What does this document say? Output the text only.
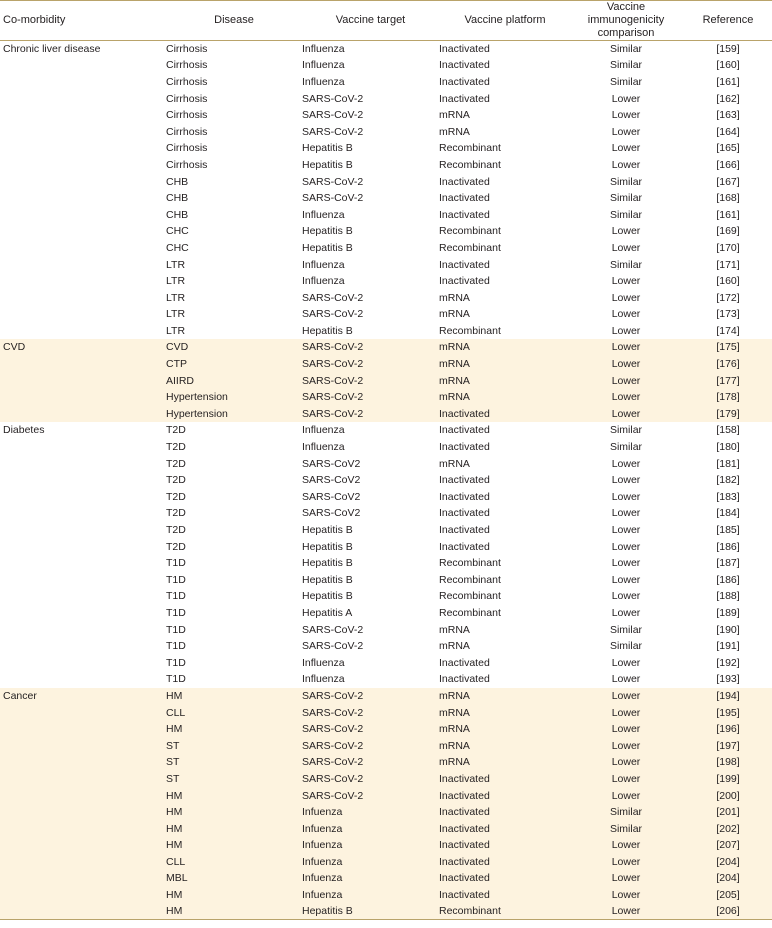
Co-morbidity	Disease	Vaccine target	Vaccine platform	Vaccine immunogenicity comparison	Reference
Chronic liver disease	Cirrhosis	Influenza	Inactivated	Similar	[159]
	Cirrhosis	Influenza	Inactivated	Similar	[160]
	Cirrhosis	Influenza	Inactivated	Similar	[161]
	Cirrhosis	SARS-CoV-2	Inactivated	Lower	[162]
	Cirrhosis	SARS-CoV-2	mRNA	Lower	[163]
	Cirrhosis	SARS-CoV-2	mRNA	Lower	[164]
	Cirrhosis	Hepatitis B	Recombinant	Lower	[165]
	Cirrhosis	Hepatitis B	Recombinant	Lower	[166]
	CHB	SARS-CoV-2	Inactivated	Similar	[167]
	CHB	SARS-CoV-2	Inactivated	Similar	[168]
	CHB	Influenza	Inactivated	Similar	[161]
	CHC	Hepatitis B	Recombinant	Lower	[169]
	CHC	Hepatitis B	Recombinant	Lower	[170]
	LTR	Influenza	Inactivated	Similar	[171]
	LTR	Influenza	Inactivated	Lower	[160]
	LTR	SARS-CoV-2	mRNA	Lower	[172]
	LTR	SARS-CoV-2	mRNA	Lower	[173]
	LTR	Hepatitis B	Recombinant	Lower	[174]
CVD	CVD	SARS-CoV-2	mRNA	Lower	[175]
	CTP	SARS-CoV-2	mRNA	Lower	[176]
	AIIRD	SARS-CoV-2	mRNA	Lower	[177]
	Hypertension	SARS-CoV-2	mRNA	Lower	[178]
	Hypertension	SARS-CoV-2	Inactivated	Lower	[179]
Diabetes	T2D	Influenza	Inactivated	Similar	[158]
	T2D	Influenza	Inactivated	Similar	[180]
	T2D	SARS-CoV2	mRNA	Lower	[181]
	T2D	SARS-CoV2	Inactivated	Lower	[182]
	T2D	SARS-CoV2	Inactivated	Lower	[183]
	T2D	SARS-CoV2	Inactivated	Lower	[184]
	T2D	Hepatitis B	Inactivated	Lower	[185]
	T2D	Hepatitis B	Inactivated	Lower	[186]
	T1D	Hepatitis B	Recombinant	Lower	[187]
	T1D	Hepatitis B	Recombinant	Lower	[186]
	T1D	Hepatitis B	Recombinant	Lower	[188]
	T1D	Hepatitis A	Recombinant	Lower	[189]
	T1D	SARS-CoV-2	mRNA	Similar	[190]
	T1D	SARS-CoV-2	mRNA	Similar	[191]
	T1D	Influenza	Inactivated	Lower	[192]
	T1D	Influenza	Inactivated	Lower	[193]
Cancer	HM	SARS-CoV-2	mRNA	Lower	[194]
	CLL	SARS-CoV-2	mRNA	Lower	[195]
	HM	SARS-CoV-2	mRNA	Lower	[196]
	ST	SARS-CoV-2	mRNA	Lower	[197]
	ST	SARS-CoV-2	mRNA	Lower	[198]
	ST	SARS-CoV-2	Inactivated	Lower	[199]
	HM	SARS-CoV-2	Inactivated	Lower	[200]
	HM	Infuenza	Inactivated	Similar	[201]
	HM	Infuenza	Inactivated	Similar	[202]
	HM	Infuenza	Inactivated	Lower	[207]
	CLL	Infuenza	Inactivated	Lower	[204]
	MBL	Infuenza	Inactivated	Lower	[204]
	HM	Infuenza	Inactivated	Lower	[205]
	HM	Hepatitis B	Recombinant	Lower	[206]
